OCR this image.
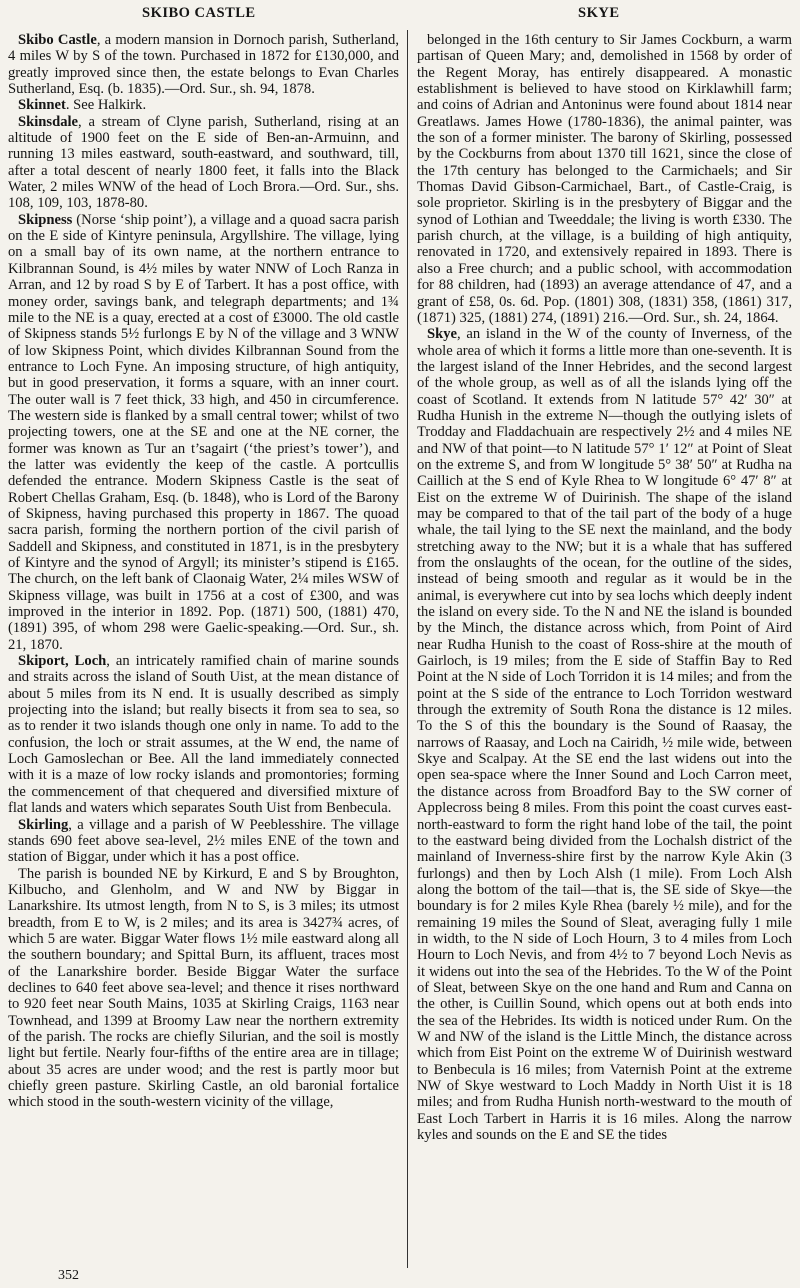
SKIBO CASTLE	SKYE

Skibo Castle, a modern mansion in Dornoch parish, Sutherland, 4 miles W by S of the town. Purchased in 1872 for £130,000, and greatly improved since then, the estate belongs to Evan Charles Sutherland, Esq. (b. 1835).—Ord. Sur., sh. 94, 1878.

Skinnet. See Halkirk.

Skinsdale, a stream of Clyne parish, Sutherland, rising at an altitude of 1900 feet on the E side of Ben-an-Armuinn, and running 13 miles eastward, south-eastward, and southward, till, after a total descent of nearly 1800 feet, it falls into the Black Water, 2 miles WNW of the head of Loch Brora.—Ord. Sur., shs. 108, 109, 103, 1878-80.

Skipness (Norse ‘ship point’), a village and a quoad sacra parish on the E side of Kintyre peninsula, Argyllshire. The village, lying on a small bay of its own name, at the northern entrance to Kilbrannan Sound, is 4½ miles by water NNW of Loch Ranza in Arran, and 12 by road S by E of Tarbert. It has a post office, with money order, savings bank, and telegraph departments; and 1¾ mile to the NE is a quay, erected at a cost of £3000. The old castle of Skipness stands 5½ furlongs E by N of the village and 3 WNW of low Skipness Point, which divides Kilbrannan Sound from the entrance to Loch Fyne. An imposing structure, of high antiquity, but in good preservation, it forms a square, with an inner court. The outer wall is 7 feet thick, 33 high, and 450 in circumference. The western side is flanked by a small central tower; whilst of two projecting towers, one at the SE and one at the NE corner, the former was known as Tur an t’sagairt (‘the priest’s tower’), and the latter was evidently the keep of the castle. A portcullis defended the entrance. Modern Skipness Castle is the seat of Robert Chellas Graham, Esq. (b. 1848), who is Lord of the Barony of Skipness, having purchased this property in 1867. The quoad sacra parish, forming the northern portion of the civil parish of Saddell and Skipness, and constituted in 1871, is in the presbytery of Kintyre and the synod of Argyll; its minister’s stipend is £165. The church, on the left bank of Claonaig Water, 2¼ miles WSW of Skipness village, was built in 1756 at a cost of £300, and was improved in the interior in 1892. Pop. (1871) 500, (1881) 470, (1891) 395, of whom 298 were Gaelic-speaking.—Ord. Sur., sh. 21, 1870.

Skiport, Loch, an intricately ramified chain of marine sounds and straits across the island of South Uist, at the mean distance of about 5 miles from its N end. It is usually described as simply projecting into the island; but really bisects it from sea to sea, so as to render it two islands though one only in name. To add to the confusion, the loch or strait assumes, at the W end, the name of Loch Gamoslechan or Bee. All the land immediately connected with it is a maze of low rocky islands and promontories; forming the commencement of that chequered and diversified mixture of flat lands and waters which separates South Uist from Benbecula.

Skirling, a village and a parish of W Peeblesshire. The village stands 690 feet above sea-level, 2½ miles ENE of the town and station of Biggar, under which it has a post office.

The parish is bounded NE by Kirkurd, E and S by Broughton, Kilbucho, and Glenholm, and W and NW by Biggar in Lanarkshire. Its utmost length, from N to S, is 3 miles; its utmost breadth, from E to W, is 2 miles; and its area is 3427¾ acres, of which 5 are water. Biggar Water flows 1½ mile eastward along all the southern boundary; and Spittal Burn, its affluent, traces most of the Lanarkshire border. Beside Biggar Water the surface declines to 640 feet above sea-level; and thence it rises northward to 920 feet near South Mains, 1035 at Skirling Craigs, 1163 near Townhead, and 1399 at Broomy Law near the northern extremity of the parish. The rocks are chiefly Silurian, and the soil is mostly light but fertile. Nearly four-fifths of the entire area are in tillage; about 35 acres are under wood; and the rest is partly moor but chiefly green pasture. Skirling Castle, an old baronial fortalice which stood in the south-western vicinity of the village,

belonged in the 16th century to Sir James Cockburn, a warm partisan of Queen Mary; and, demolished in 1568 by order of the Regent Moray, has entirely disappeared. A monastic establishment is believed to have stood on Kirklawhill farm; and coins of Adrian and Antoninus were found about 1814 near Greatlaws. James Howe (1780-1836), the animal painter, was the son of a former minister. The barony of Skirling, possessed by the Cockburns from about 1370 till 1621, since the close of the 17th century has belonged to the Carmichaels; and Sir Thomas David Gibson-Carmichael, Bart., of Castle-Craig, is sole proprietor. Skirling is in the presbytery of Biggar and the synod of Lothian and Tweeddale; the living is worth £330. The parish church, at the village, is a building of high antiquity, renovated in 1720, and extensively repaired in 1893. There is also a Free church; and a public school, with accommodation for 88 children, had (1893) an average attendance of 47, and a grant of £58, 0s. 6d. Pop. (1801) 308, (1831) 358, (1861) 317, (1871) 325, (1881) 274, (1891) 216.—Ord. Sur., sh. 24, 1864.

Skye, an island in the W of the county of Inverness, of the whole area of which it forms a little more than one-seventh. It is the largest island of the Inner Hebrides, and the second largest of the whole group, as well as of all the islands lying off the coast of Scotland. It extends from N latitude 57° 42′ 30″ at Rudha Hunish in the extreme N—though the outlying islets of Trodday and Fladdachuain are respectively 2½ and 4 miles NE and NW of that point—to N latitude 57° 1′ 12″ at Point of Sleat on the extreme S, and from W longitude 5° 38′ 50″ at Rudha na Caillich at the S end of Kyle Rhea to W longitude 6° 47′ 8″ at Eist on the extreme W of Duirinish. The shape of the island may be compared to that of the tail part of the body of a huge whale, the tail lying to the SE next the mainland, and the body stretching away to the NW; but it is a whale that has suffered from the onslaughts of the ocean, for the outline of the sides, instead of being smooth and regular as it would be in the animal, is everywhere cut into by sea lochs which deeply indent the island on every side. To the N and NE the island is bounded by the Minch, the distance across which, from Point of Aird near Rudha Hunish to the coast of Ross-shire at the mouth of Gairloch, is 19 miles; from the E side of Staffin Bay to Red Point at the N side of Loch Torridon it is 14 miles; and from the point at the S side of the entrance to Loch Torridon westward through the extremity of South Rona the distance is 12 miles. To the S of this the boundary is the Sound of Raasay, the narrows of Raasay, and Loch na Cairidh, ½ mile wide, between Skye and Scalpay. At the SE end the last widens out into the open sea-space where the Inner Sound and Loch Carron meet, the distance across from Broadford Bay to the SW corner of Applecross being 8 miles. From this point the coast curves east-north-eastward to form the right hand lobe of the tail, the point to the eastward being divided from the Lochalsh district of the mainland of Inverness-shire first by the narrow Kyle Akin (3 furlongs) and then by Loch Alsh (1 mile). From Loch Alsh along the bottom of the tail—that is, the SE side of Skye—the boundary is for 2 miles Kyle Rhea (barely ½ mile), and for the remaining 19 miles the Sound of Sleat, averaging fully 1 mile in width, to the N side of Loch Hourn, 3 to 4 miles from Loch Hourn to Loch Nevis, and from 4½ to 7 beyond Loch Nevis as it widens out into the sea of the Hebrides. To the W of the Point of Sleat, between Skye on the one hand and Rum and Canna on the other, is Cuillin Sound, which opens out at both ends into the sea of the Hebrides. Its width is noticed under Rum. On the W and NW of the island is the Little Minch, the distance across which from Eist Point on the extreme W of Duirinish westward to Benbecula is 16 miles; from Vaternish Point at the extreme NW of Skye westward to Loch Maddy in North Uist it is 18 miles; and from Rudha Hunish north-westward to the mouth of East Loch Tarbert in Harris it is 16 miles. Along the narrow kyles and sounds on the E and SE the tides

352
